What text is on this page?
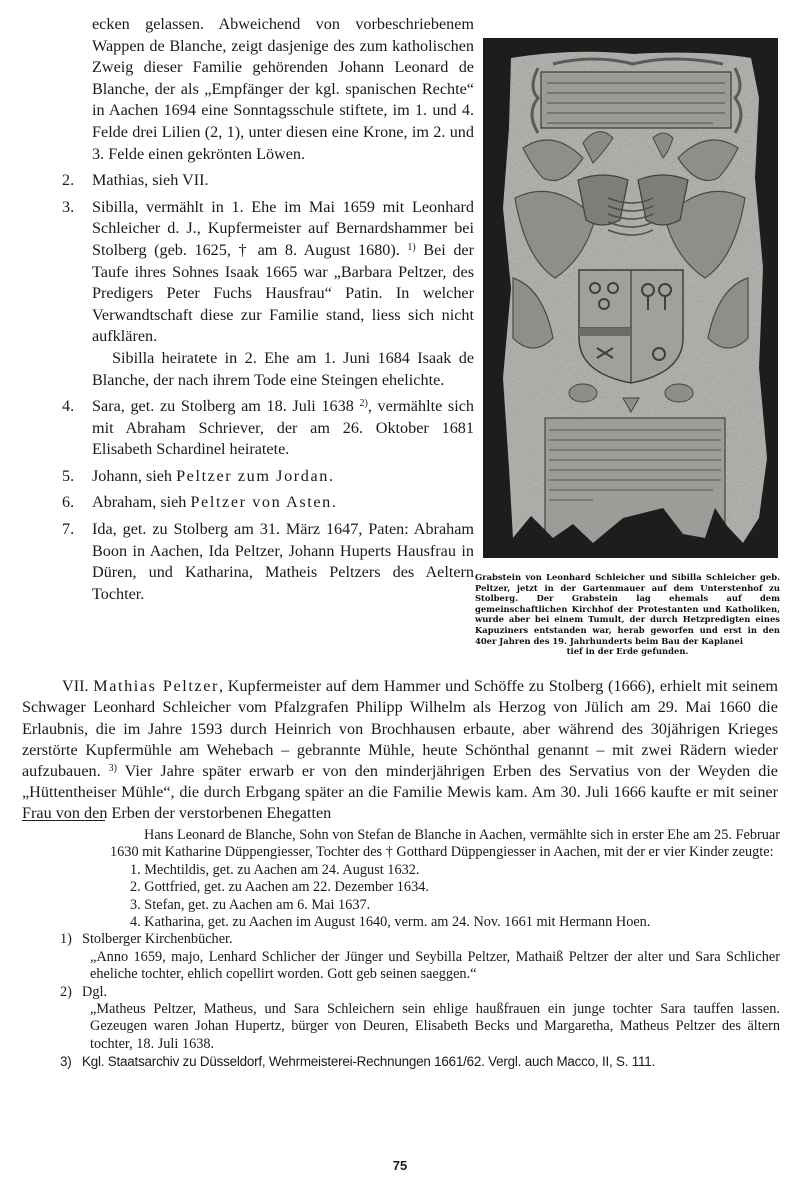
ecken gelassen. Abweichend von vorbeschriebenem Wappen de Blanche, zeigt dasjenige des zum katholischen Zweig dieser Familie gehörenden Johann Leonard de Blanche, der als „Empfänger der kgl. spanischen Rechte“ in Aachen 1694 eine Sonntagsschule stiftete, im 1. und 4. Felde drei Lilien (2, 1), unter diesen eine Krone, im 2. und 3. Felde einen gekrönten Löwen.

2. Mathias, sieh VII.
3. Sibilla, vermählt in 1. Ehe im Mai 1659 mit Leonhard Schleicher d. J., Kupfermeister auf Bernardshammer bei Stolberg (geb. 1625, † am 8. August 1680). $^{1)}$ Bei der Taufe ihres Sohnes Isaak 1665 war „Barbara Peltzer, des Predigers Peter Fuchs Hausfrau“ Patin. In welcher Verwandtschaft diese zur Familie stand, liess sich nicht aufklären.

Sibilla heiratete in 2. Ehe am 1. Juni 1684 Isaak de Blanche, der nach ihrem Tode eine Steingen ehelichte.

4. Sara, get. zu Stolberg am 18. Juli 1638 $^{2)}$, vermählte sich mit Abraham Schriever, der am 26. Oktober 1681 Elisabeth Schardinel heiratete.
5. Johann, sieh Peltzer zum Jordan.
6. Abraham, sieh Peltzer von Asten.
7. Ida, get. zu Stolberg am 31. März 1647, Paten: Abraham Boon in Aachen, Ida Peltzer, Johann Huperts Hausfrau in Düren, und Katharina, Matheis Peltzers des Aeltern Tochter.
Grabstein von Leonhard Schleicher und Sibilla Schleicher geb. Peltzer, jetzt in der Gartenmauer auf dem Unterstenhof zu Stolberg. Der Grabstein lag ehemals auf dem gemeinschaftlichen Kirchhof der Protestanten und Katholiken, wurde aber bei einem Tumult, der durch Hetzpredigten eines Kapuziners entstanden war, herab geworfen und erst in den 40er Jahren des 19. Jahrhunderts beim Bau der Kaplanei
tief in der Erde gefunden.

VII. Mathias Peltzer, Kupfermeister auf dem Hammer und Schöffe zu Stolberg (1666), erhielt mit seinem Schwager Leonhard Schleicher vom Pfalzgrafen Philipp Wilhelm als Herzog von Jülich am 29. Mai 1660 die Erlaubnis, die im Jahre 1593 durch Heinrich von Brochhausen erbaute, aber während des 30jährigen Krieges zerstörte Kupfermühle am Wehebach – gebrannte Mühle, heute Schönthal genannt – mit zwei Rädern wieder aufzubauen. $^{3)}$ Vier Jahre später erwarb er von den minderjährigen Erben des Servatius von der Weyden die „Hüttentheiser Mühle“, die durch Erbgang später an die Familie Mewis kam. Am 30. Juli 1666 kaufte er mit seiner Frau von den Erben der verstorbenen Ehegatten

Hans Leonard de Blanche, Sohn von Stefan de Blanche in Aachen, vermählte sich in erster Ehe am 25. Februar 1630 mit Katharine Düppengiesser, Tochter des † Gotthard Düppengiesser in Aachen, mit der er vier Kinder zeugte:

1. Mechtildis, get. zu Aachen am 24. August 1632.

2. Gottfried, get. zu Aachen am 22. Dezember 1634.

3. Stefan, get. zu Aachen am 6. Mai 1637.

4. Katharina, get. zu Aachen im August 1640, verm. am 24. Nov. 1661 mit Hermann Hoen.

1) Stolberger Kirchenbücher.
„Anno 1659, majo, Lenhard Schlicher der Jünger und Seybilla Peltzer, Mathaiß Peltzer der alter und Sara Schlicher eheliche tochter, ehlich copellirt worden. Gott geb seinen saeggen.“
2) Dgl.
„Matheus Peltzer, Matheus, und Sara Schleichern sein ehlige haußfrauen ein junge tochter Sara tauffen lassen. Gezeugen waren Johan Hupertz, bürger von Deuren, Elisabeth Becks und Margaretha, Matheus Peltzer des ältern tochter, 18. Juli 1638.
3) Kgl. Staatsarchiv zu Düsseldorf, Wehrmeisterei-Rechnungen 1661/62. Vergl. auch Macco, II, S. 111.
75
